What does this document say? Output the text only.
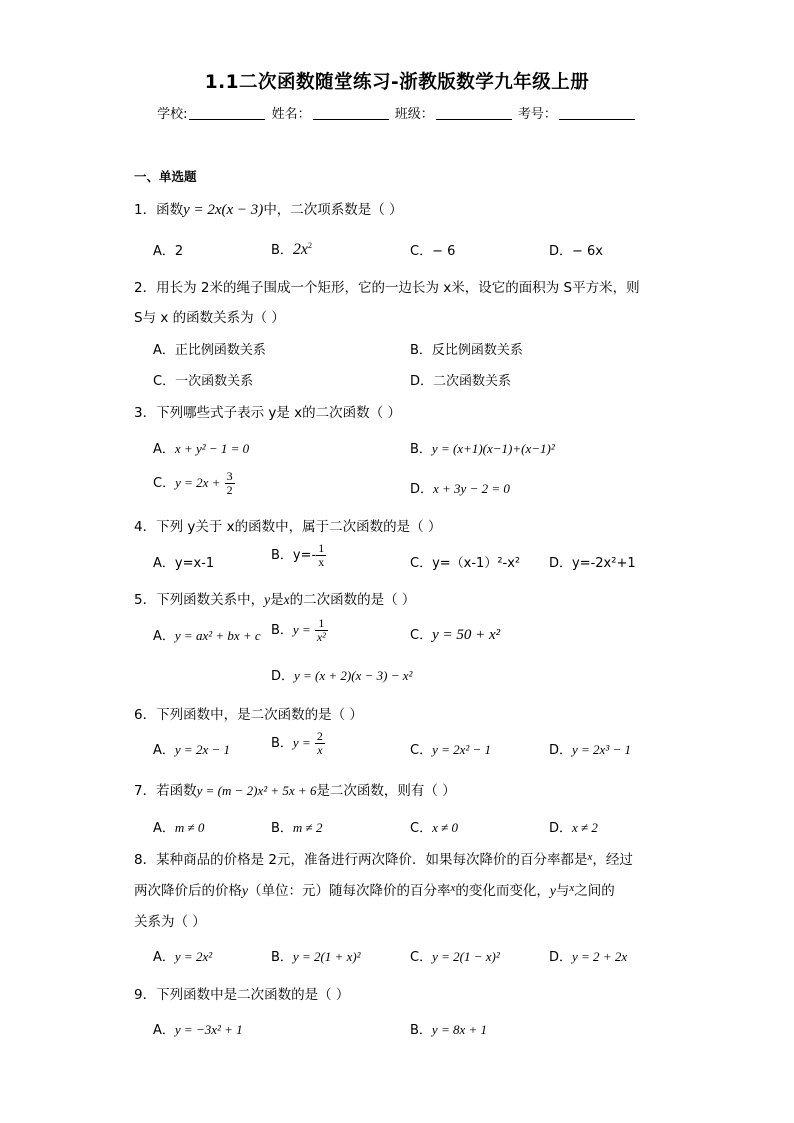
1.1二次函数随堂练习-浙教版数学九年级上册
学校:	姓名：	班级：	考号：
一、单选题
1．函数y = 2x(x − 3)中，二次项系数是（ ）
A．2	B．$2x^2$	C．− 6	D．− 6x
2．用长为 2米的绳子围成一个矩形，它的一边长为 x米，设它的面积为 S平方米，则
S与 x 的函数关系为（ ）
A．正比例函数关系	B．反比例函数关系
C．一次函数关系	D．二次函数关系
3．下列哪些式子表示 y是 x的二次函数（ ）
A．x + y² − 1 = 0	B．y = (x+1)(x−1)+(x−1)²
C．$y = 2x + \frac{3}{2}$	D．x + 3y − 2 = 0
4．下列 y关于 x的函数中，属于二次函数的是（ ）
A．y=x-1
B．$y=- \frac{1}{x}$	C．y=（x-1）²-x² D．y=-2x²+1
5．下列函数关系中，y是x的二次函数的是（ ）
A．y = ax² + bx + c B．$y = \frac{1}{\text{x²}}$	C．y = 50 + x²
D．y = (x + 2)(x − 3) − x²
6．下列函数中，是二次函数的是（ ）
A．y = 2x − 1	B．$y = \frac{2}{x}$	C．y = 2x² − 1	D．y = 2x³ − 1
7．若函数y = (m − 2)x² + 5x + 6是二次函数，则有（ ）
A．m ≠ 0	B．m ≠ 2	C．x ≠ 0	D．x ≠ 2
8．某种商品的价格是 2元，准备进行两次降价．如果每次降价的百分率都是$^x$，经过
两次降价后的价格y（单位：元）随每次降价的百分率$^x$的变化而变化，y与$^x$之间的
关系为（ ）
A．y = 2x²	B．y = 2(1 + x)²	C．y = 2(1 − x)²	D．y = 2 + 2x
9．下列函数中是二次函数的是（ ）
A．y = −3x² + 1	B．y = 8x + 1
